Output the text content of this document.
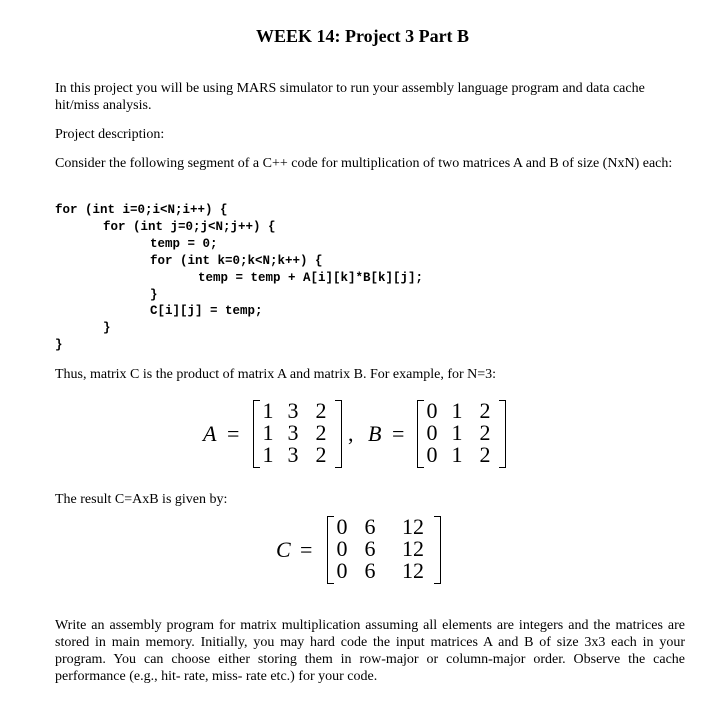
WEEK 14: Project 3 Part B
In this project you will be using MARS simulator to run your assembly language program and data cache hit/miss analysis.
Project description:
Consider the following segment of a C++ code for multiplication of two matrices A and B of size (NxN) each:
for (int i=0;i<N;i++) {
for (int j=0;j<N;j++) {
temp = 0;
for (int k=0;k<N;k++) {
temp = temp + A[i][k]*B[k][j];
}
C[i][j] = temp;
}
}
Thus, matrix C is the product of matrix A and matrix B. For example, for N=3:
A =
1 3 2
1 3 2
1 3 2
, B =
0 1 2
0 1 2
0 1 2
The result C=AxB is given by:
C =
0 6	12
0 6	12
0 6	12
Write an assembly program for matrix multiplication assuming all elements are integers and the matrices are stored in main memory. Initially, you may hard code the input matrices A and B of size 3x3 each in your program. You can choose either storing them in row-major or column-major order. Observe the cache performance (e.g., hit- rate, miss- rate etc.) for your code.
